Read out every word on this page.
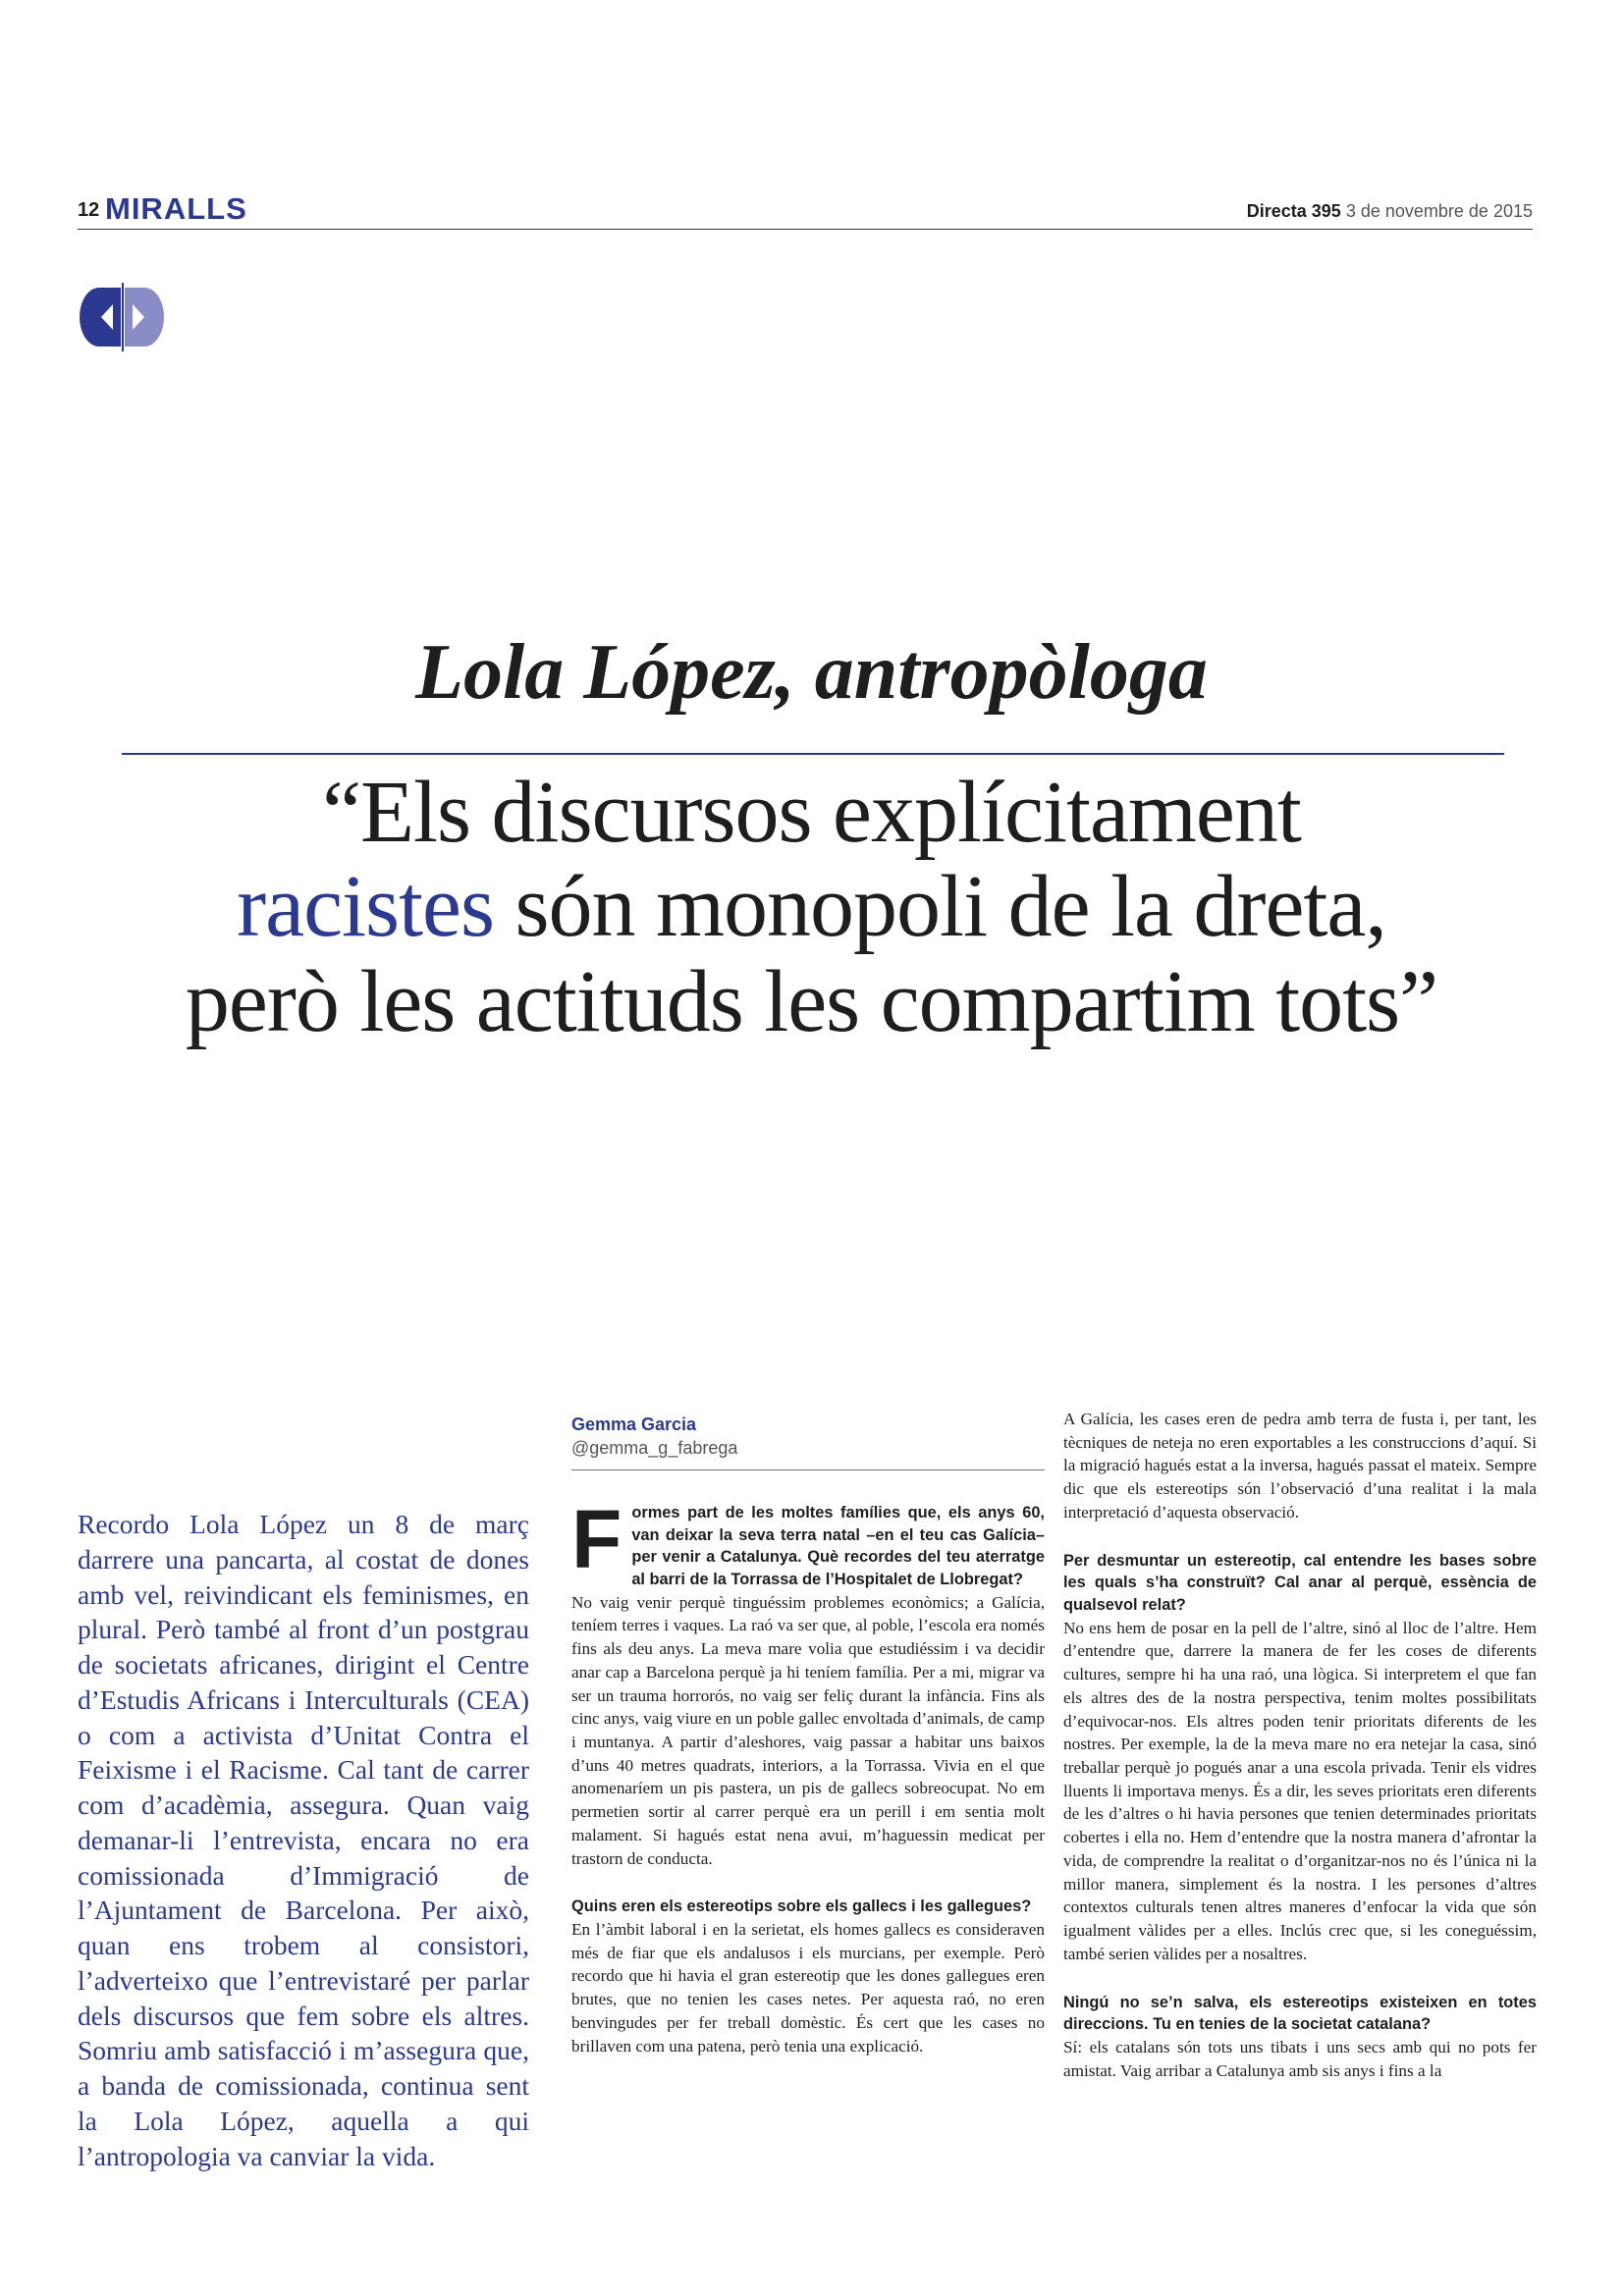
12 MIRALLS	Directa 395 3 de novembre de 2015
Lola López, antropòloga
“Els discursos explícitament
racistes són monopoli de la dreta,
però les actituds les compartim tots”
Recordo Lola López un 8 de març darrere una pancarta, al costat de dones amb vel, reivindicant els feminismes, en plural. Però també al front d’un postgrau de societats africanes, dirigint el Centre d’Estudis Africans i Interculturals (CEA) o com a activista d’Unitat Contra el Feixisme i el Racisme. Cal tant de carrer com d’acadèmia, assegura. Quan vaig demanar-li l’entrevista, encara no era comissionada d’Immigració de l’Ajuntament de Barcelona. Per això, quan ens trobem al consistori, l’adverteixo que l’entrevistaré per parlar dels discursos que fem sobre els altres. Somriu amb satisfacció i m’assegura que, a banda de comissionada, continua sent la Lola López, aquella a qui l’antropologia va canviar la vida.
Gemma Garcia
@gemma_g_fabrega

Formes part de les moltes famílies que, els anys 60, van deixar la seva terra natal –en el teu cas Galícia– per venir a Catalunya. Què recordes del teu aterratge al barri de la Torrassa de l’Hospitalet de Llobregat?

No vaig venir perquè tinguéssim problemes econòmics; a Galícia, teníem terres i vaques. La raó va ser que, al poble, l’escola era només fins als deu anys. La meva mare volia que estudiéssim i va decidir anar cap a Barcelona perquè ja hi teníem família. Per a mi, migrar va ser un trauma horrorós, no vaig ser feliç durant la infància. Fins als cinc anys, vaig viure en un poble gallec envoltada d’animals, de camp i muntanya. A partir d’aleshores, vaig passar a habitar uns baixos d’uns 40 metres quadrats, interiors, a la Torrassa. Vivia en el que anomenaríem un pis pastera, un pis de gallecs sobreocupat. No em permetien sortir al carrer perquè era un perill i em sentia molt malament. Si hagués estat nena avui, m’haguessin medicat per trastorn de conducta.

Quins eren els estereotips sobre els gallecs i les gallegues?

En l’àmbit laboral i en la serietat, els homes gallecs es consideraven més de fiar que els andalusos i els murcians, per exemple. Però recordo que hi havia el gran estereotip que les dones gallegues eren brutes, que no tenien les cases netes. Per aquesta raó, no eren benvingudes per fer treball domèstic. És cert que les cases no brillaven com una patena, però tenia una explicació.

A Galícia, les cases eren de pedra amb terra de fusta i, per tant, les tècniques de neteja no eren exportables a les construccions d’aquí. Si la migració hagués estat a la inversa, hagués passat el mateix. Sempre dic que els estereotips són l’observació d’una realitat i la mala interpretació d’aquesta observació.

Per desmuntar un estereotip, cal entendre les bases sobre les quals s’ha construït? Cal anar al perquè, essència de qualsevol relat?

No ens hem de posar en la pell de l’altre, sinó al lloc de l’altre. Hem d’entendre que, darrere la manera de fer les coses de diferents cultures, sempre hi ha una raó, una lògica. Si interpretem el que fan els altres des de la nostra perspectiva, tenim moltes possibilitats d’equivocar-nos. Els altres poden tenir prioritats diferents de les nostres. Per exemple, la de la meva mare no era netejar la casa, sinó treballar perquè jo pogués anar a una escola privada. Tenir els vidres lluents li importava menys. És a dir, les seves prioritats eren diferents de les d’altres o hi havia persones que tenien determinades prioritats cobertes i ella no. Hem d’entendre que la nostra manera d’afrontar la vida, de comprendre la realitat o d’organitzar-nos no és l’única ni la millor manera, simplement és la nostra. I les persones d’altres contextos culturals tenen altres maneres d’enfocar la vida que són igualment vàlides per a elles. Inclús crec que, si les coneguéssim, també serien vàlides per a nosaltres.

Ningú no se’n salva, els estereotips existeixen en totes direccions. Tu en tenies de la societat catalana?

Sí: els catalans són tots uns tibats i uns secs amb qui no pots fer amistat. Vaig arribar a Catalunya amb sis anys i fins a la
